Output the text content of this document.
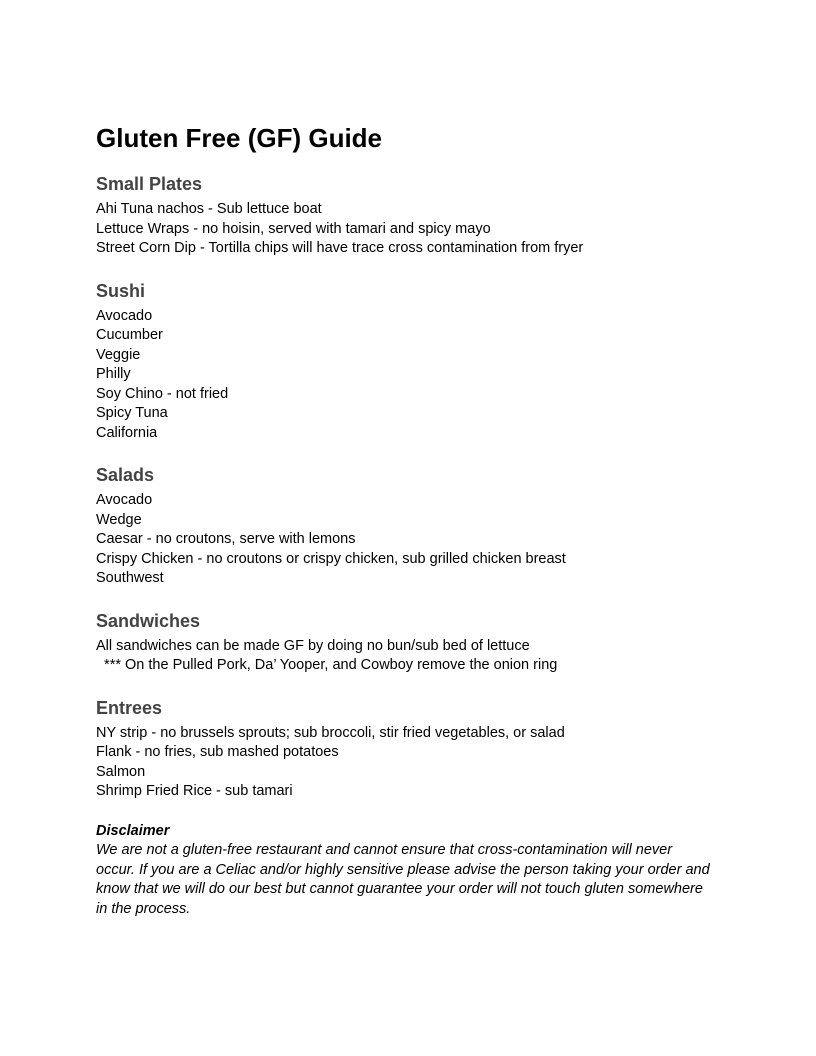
Gluten Free (GF) Guide
Small Plates

Ahi Tuna nachos - Sub lettuce boat

Lettuce Wraps - no hoisin, served with tamari and spicy mayo

Street Corn Dip - Tortilla chips will have trace cross contamination from fryer

Sushi

Avocado

Cucumber

Veggie

Philly

Soy Chino - not fried

Spicy Tuna

California

Salads

Avocado

Wedge

Caesar - no croutons, serve with lemons

Crispy Chicken - no croutons or crispy chicken, sub grilled chicken breast

Southwest

Sandwiches

All sandwiches can be made GF by doing no bun/sub bed of lettuce

*** On the Pulled Pork, Da’ Yooper, and Cowboy remove the onion ring

Entrees

NY strip - no brussels sprouts; sub broccoli, stir fried vegetables, or salad

Flank - no fries, sub mashed potatoes

Salmon

Shrimp Fried Rice - sub tamari

Disclaimer

We are not a gluten-free restaurant and cannot ensure that cross-contamination will never

occur. If you are a Celiac and/or highly sensitive please advise the person taking your order and

know that we will do our best but cannot guarantee your order will not touch gluten somewhere

in the process.
